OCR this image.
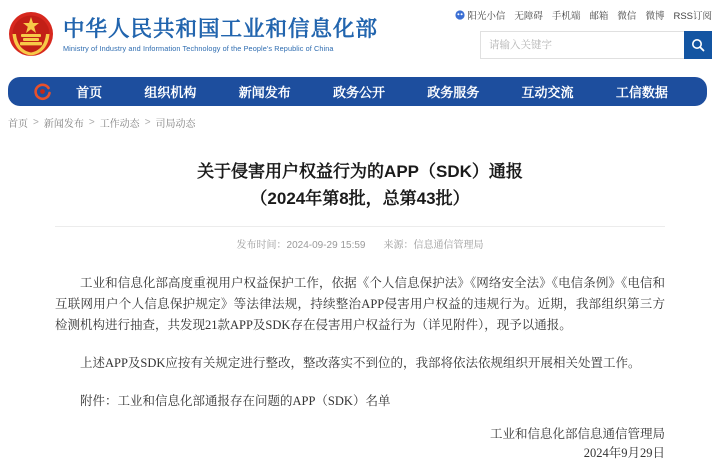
中华人民共和国工业和信息化部
Ministry of Industry and Information Technology of the People's Republic of China
阳光小信 无障碍 手机端 邮箱 微信 微博 RSS订阅
请输入关键字
首页	组织机构	新闻发布	政务公开	政务服务	互动交流	工信数据
首页 > 新闻发布 > 工作动态 > 司局动态
关于侵害用户权益行为的APP（SDK）通报
（2024年第8批，总第43批）
发布时间：2024-09-29 15:59 来源：信息通信管理局

工业和信息化部高度重视用户权益保护工作，依据《个人信息保护法》《网络安全法》《电信条例》《电信和互联网用户个人信息保护规定》等法律法规，持续整治APP侵害用户权益的违规行为。近期，我部组织第三方检测机构进行抽查，共发现21款APP及SDK存在侵害用户权益行为（详见附件），现予以通报。

上述APP及SDK应按有关规定进行整改，整改落实不到位的，我部将依法依规组织开展相关处置工作。

附件：工业和信息化部通报存在问题的APP（SDK）名单
工业和信息化部信息通信管理局
2024年9月29日
